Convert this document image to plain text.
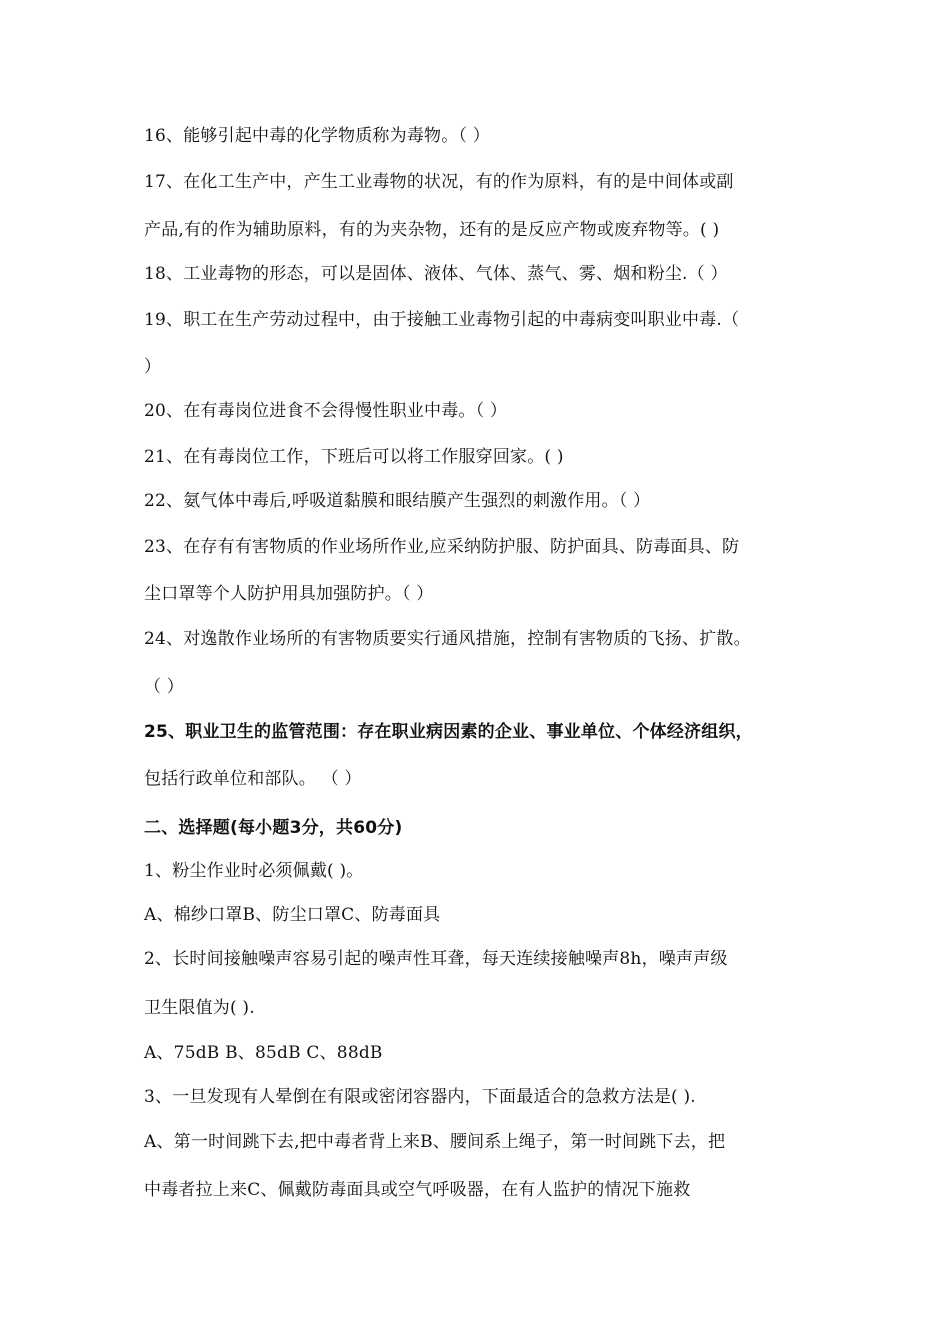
16、能够引起中毒的化学物质称为毒物。（ ）
17、在化工生产中，产生工业毒物的状况，有的作为原料，有的是中间体或副
产品,有的作为辅助原料，有的为夹杂物，还有的是反应产物或废弃物等。( )
18、工业毒物的形态，可以是固体、液体、气体、蒸气、雾、烟和粉尘.（ ）
19、职工在生产劳动过程中，由于接触工业毒物引起的中毒病变叫职业中毒.（
）
20、在有毒岗位进食不会得慢性职业中毒。（ ）
21、在有毒岗位工作，下班后可以将工作服穿回家。( )
22、氨气体中毒后,呼吸道黏膜和眼结膜产生强烈的刺激作用。（ ）
23、在存有有害物质的作业场所作业,应采纳防护服、防护面具、防毒面具、防
尘口罩等个人防护用具加强防护。（ ）
24、对逸散作业场所的有害物质要实行通风措施，控制有害物质的飞扬、扩散。
（ ）
25、职业卫生的监管范围：存在职业病因素的企业、事业单位、个体经济组织，
包括行政单位和部队。 （ ）
二、选择题(每小题3分，共60分)
1、粉尘作业时必须佩戴( )。
A、棉纱口罩B、防尘口罩C、防毒面具
2、长时间接触噪声容易引起的噪声性耳聋，每天连续接触噪声8h，噪声声级
卫生限值为( ).
A、75dB B、85dB C、88dB
3、一旦发现有人晕倒在有限或密闭容器内，下面最适合的急救方法是( ).
A、第一时间跳下去,把中毒者背上来B、腰间系上绳子，第一时间跳下去，把
中毒者拉上来C、佩戴防毒面具或空气呼吸器，在有人监护的情况下施救
